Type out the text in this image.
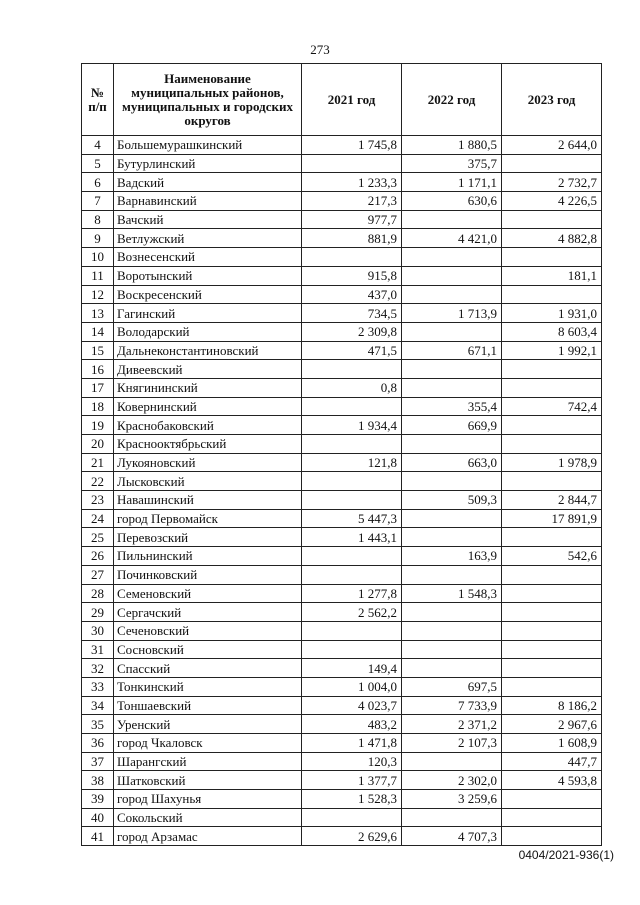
273
№ п/п	Наименование муниципальных районов, муниципальных и городских округов	2021 год	2022 год	2023 год
4	Большемурашкинский	1 745,8	1 880,5	2 644,0
5	Бутурлинский		375,7	
6	Вадский	1 233,3	1 171,1	2 732,7
7	Варнавинский	217,3	630,6	4 226,5
8	Вачский	977,7		
9	Ветлужский	881,9	4 421,0	4 882,8
10	Вознесенский			
11	Воротынский	915,8		181,1
12	Воскресенский	437,0		
13	Гагинский	734,5	1 713,9	1 931,0
14	Володарский	2 309,8		8 603,4
15	Дальнеконстантиновский	471,5	671,1	1 992,1
16	Дивеевский			
17	Княгининский	0,8		
18	Ковернинский		355,4	742,4
19	Краснобаковский	1 934,4	669,9	
20	Краснооктябрьский			
21	Лукояновский	121,8	663,0	1 978,9
22	Лысковский			
23	Навашинский		509,3	2 844,7
24	город Первомайск	5 447,3		17 891,9
25	Перевозский	1 443,1		
26	Пильнинский		163,9	542,6
27	Починковский			
28	Семеновский	1 277,8	1 548,3	
29	Сергачский	2 562,2		
30	Сеченовский			
31	Сосновский			
32	Спасский	149,4		
33	Тонкинский	1 004,0	697,5	
34	Тоншаевский	4 023,7	7 733,9	8 186,2
35	Уренский	483,2	2 371,2	2 967,6
36	город Чкаловск	1 471,8	2 107,3	1 608,9
37	Шарангский	120,3		447,7
38	Шатковский	1 377,7	2 302,0	4 593,8
39	город Шахунья	1 528,3	3 259,6	
40	Сокольский			
41	город Арзамас	2 629,6	4 707,3	
0404/2021-936(1)
